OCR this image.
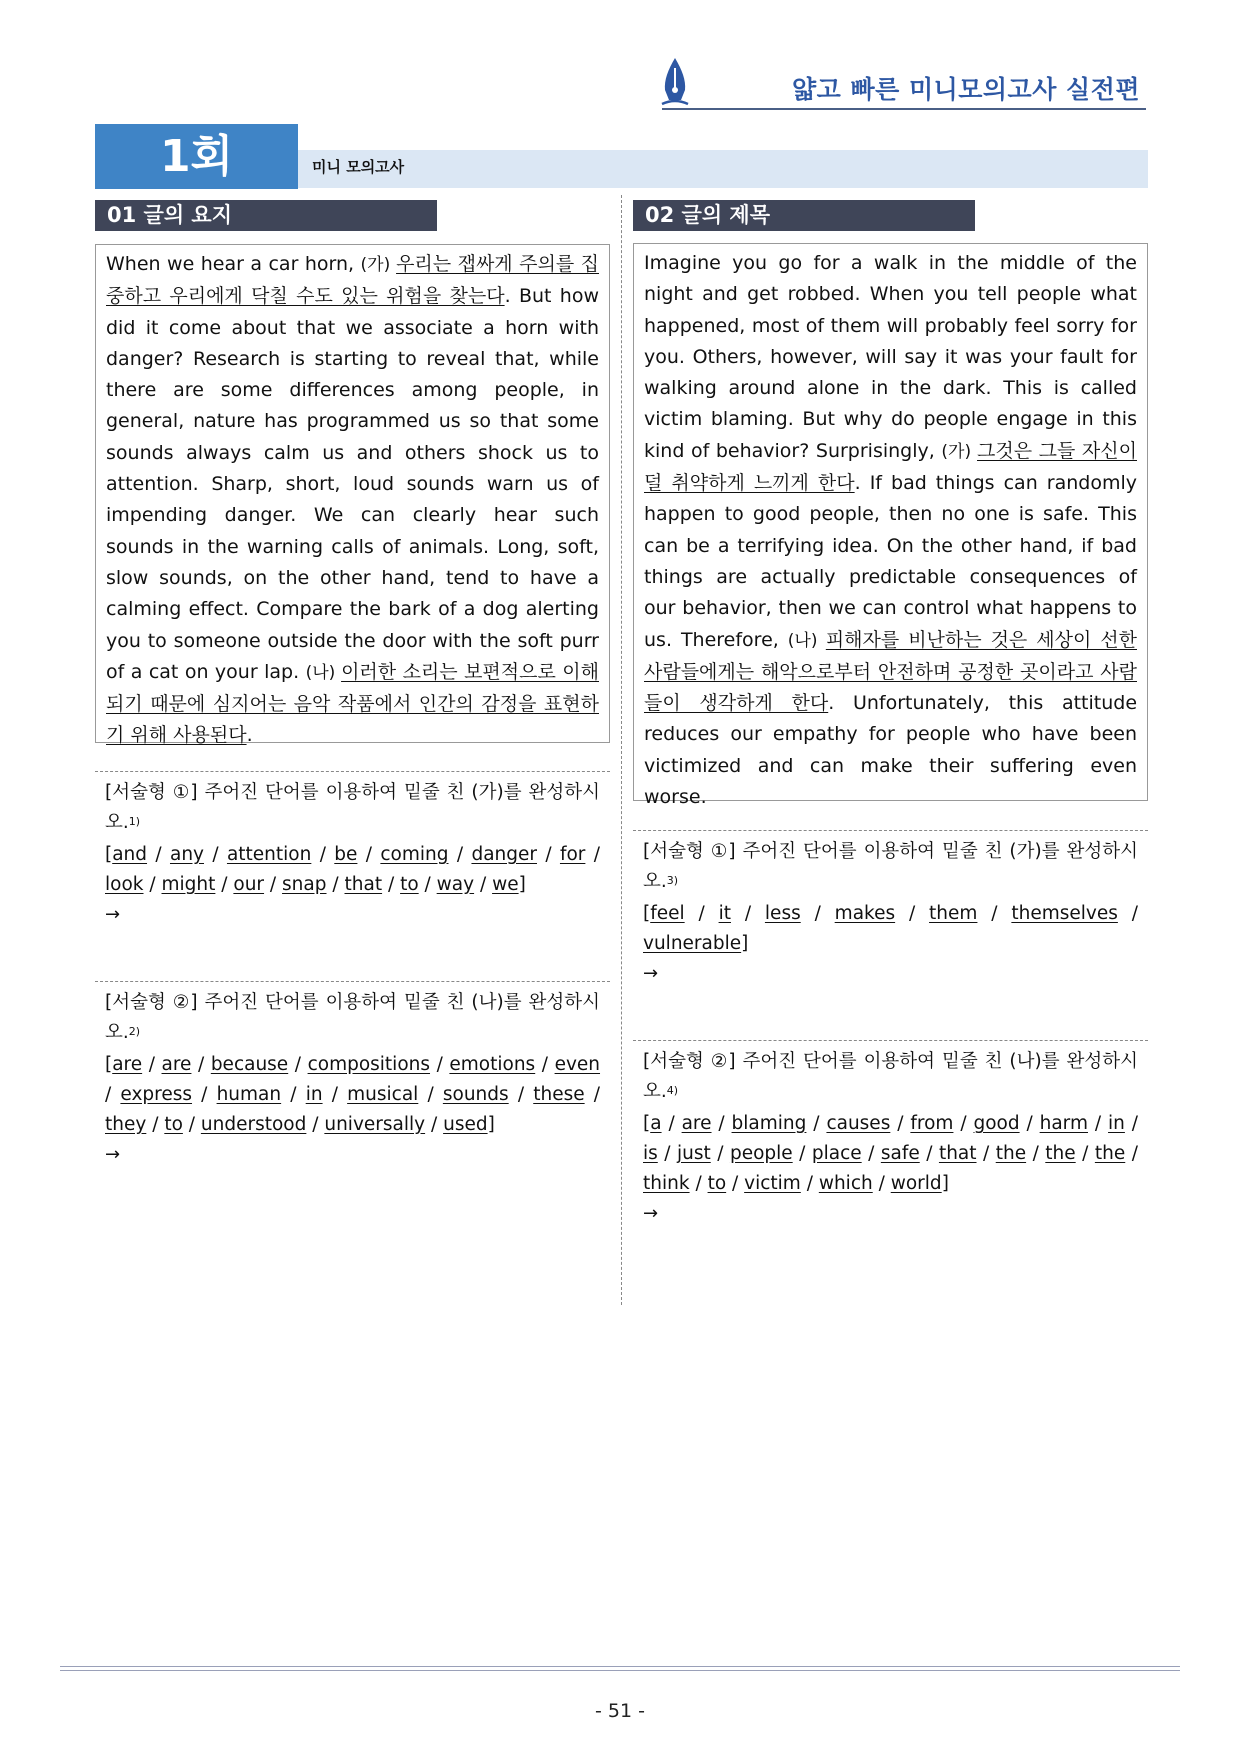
얇고 빠른 미니모의고사 실전편
1회	미니 모의고사
01 글의 요지	02 글의 제목
When we hear a car horn, (가) 우리는 잽싸게 주의를 집중하고 우리에게 닥칠 수도 있는 위험을 찾는다. But how did it come about that we associate a horn with danger? Research is starting to reveal that, while there are some differences among people, in general, nature has programmed us so that some sounds always calm us and others shock us to attention. Sharp, short, loud sounds warn us of impending danger. We can clearly hear such sounds in the warning calls of animals. Long, soft, slow sounds, on the other hand, tend to have a calming effect. Compare the bark of a dog alerting you to someone outside the door with the soft purr of a cat on your lap. (나) 이러한 소리는 보편적으로 이해되기 때문에 심지어는 음악 작품에서 인간의 감정을 표현하기 위해 사용된다.
Imagine you go for a walk in the middle of the night and get robbed. When you tell people what happened, most of them will probably feel sorry for you. Others, however, will say it was your fault for walking around alone in the dark. This is called victim blaming. But why do people engage in this kind of behavior? Surprisingly, (가) 그것은 그들 자신이 덜 취약하게 느끼게 한다. If bad things can randomly happen to good people, then no one is safe. This can be a terrifying idea. On the other hand, if bad things are actually predictable consequences of our behavior, then we can control what happens to us. Therefore, (나) 피해자를 비난하는 것은 세상이 선한 사람들에게는 해악으로부터 안전하며 공정한 곳이라고 사람들이 생각하게 한다. Unfortunately, this attitude reduces our empathy for people who have been victimized and can make their suffering even worse.
[서술형 ①] 주어진 단어를 이용하여 밑줄 친 (가)를 완성하시오.$^{1)}$
[and / any / attention / be / coming / danger / for / look / might / our / snap / that / to / way / we]
→
[서술형 ②] 주어진 단어를 이용하여 밑줄 친 (나)를 완성하시오.$^{2)}$
[are / are / because / compositions / emotions / even / express / human / in / musical / sounds / these / they / to / understood / universally / used]
→
[서술형 ①] 주어진 단어를 이용하여 밑줄 친 (가)를 완성하시오.$^{3)}$
[feel / it / less / makes / them / themselves / vulnerable]
→
[서술형 ②] 주어진 단어를 이용하여 밑줄 친 (나)를 완성하시오.$^{4)}$
[a / are / blaming / causes / from / good / harm / in / is / just / people / place / safe / that / the / the / the / think / to / victim / which / world]
→
- 51 -
